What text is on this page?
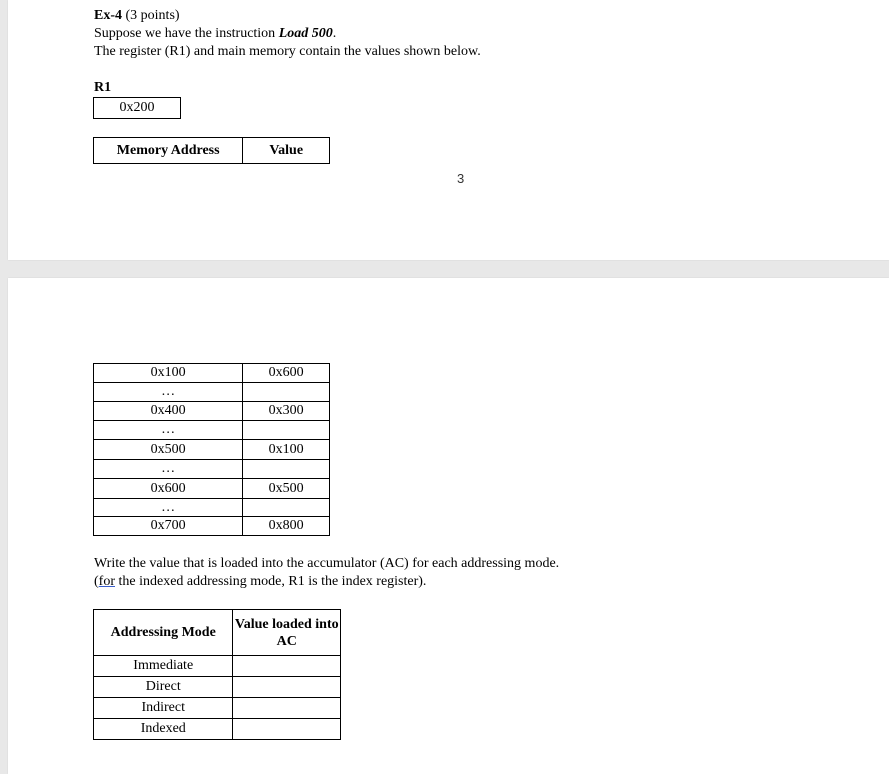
Ex-4 (3 points)
Suppose we have the instruction Load 500.
The register (R1) and main memory contain the values shown below.
R1
0x200
Memory Address	Value
3
0x100	0x600
…	
0x400	0x300
…	
0x500	0x100
…	
0x600	0x500
…	
0x700	0x800
Write the value that is loaded into the accumulator (AC) for each addressing mode.
(for the indexed addressing mode, R1 is the index register).
Addressing Mode	Value loaded into AC
Immediate	
Direct	
Indirect	
Indexed	
